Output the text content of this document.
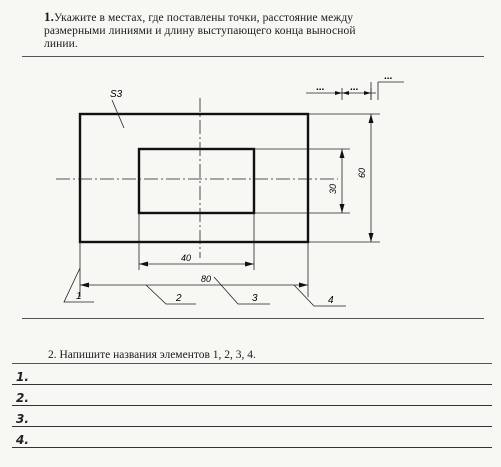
1.Укажите в местах, где поставлены точки, расстояние между размерными линиями и длину выступающего конца выносной линии.
S3
30
60
...	...
...
40
80
1	2	3	4
2. Напишите названия элементов 1, 2, 3, 4.
1.
2.
3.
4.
